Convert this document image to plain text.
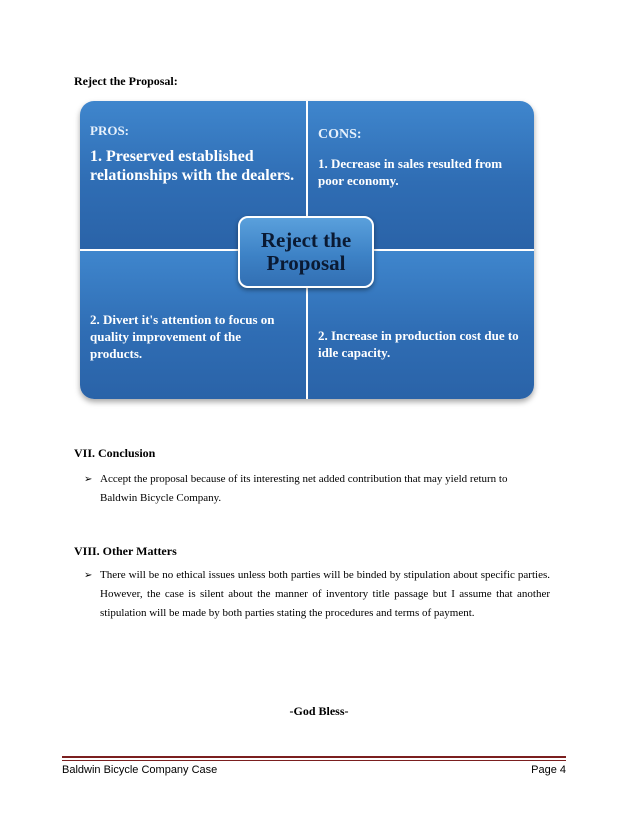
Reject the Proposal:
PROS:
1. Preserved established relationships with the dealers.
CONS:
1. Decrease in sales resulted from poor economy.
2. Divert it's attention to focus on quality improvement of the products.
2. Increase in production cost due to idle capacity.
Reject the
Proposal
VII. Conclusion
➢ Accept the proposal because of its interesting net added contribution that may yield return to Baldwin Bicycle Company.
VIII. Other Matters
➢ There will be no ethical issues unless both parties will be binded by stipulation about specific parties. However, the case is silent about the manner of inventory title passage but I assume that another stipulation will be made by both parties stating the procedures and terms of payment.
-God Bless-
Baldwin Bicycle Company Case	Page 4
